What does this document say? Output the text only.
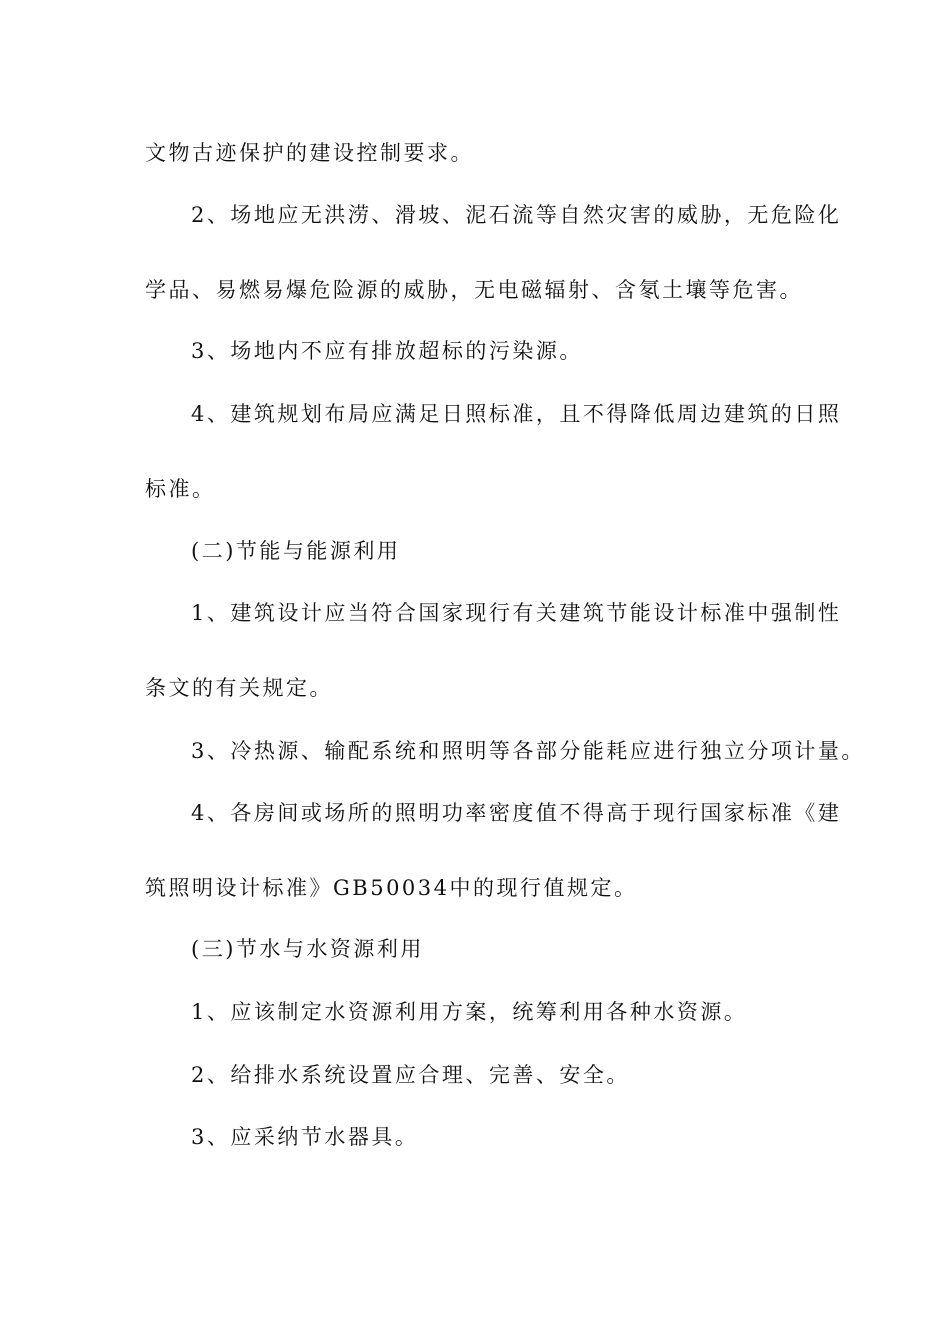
文物古迹保护的建设控制要求。
2、场地应无洪涝、滑坡、泥石流等自然灾害的威胁，无危险化
学品、易燃易爆危险源的威胁，无电磁辐射、含氡土壤等危害。
3、场地内不应有排放超标的污染源。
4、建筑规划布局应满足日照标准，且不得降低周边建筑的日照
标准。
(二)节能与能源利用
1、建筑设计应当符合国家现行有关建筑节能设计标准中强制性
条文的有关规定。
3、冷热源、输配系统和照明等各部分能耗应进行独立分项计量。
4、各房间或场所的照明功率密度值不得高于现行国家标准《建
筑照明设计标准》GB50034中的现行值规定。
(三)节水与水资源利用
1、应该制定水资源利用方案，统筹利用各种水资源。
2、给排水系统设置应合理、完善、安全。
3、应采纳节水器具。
